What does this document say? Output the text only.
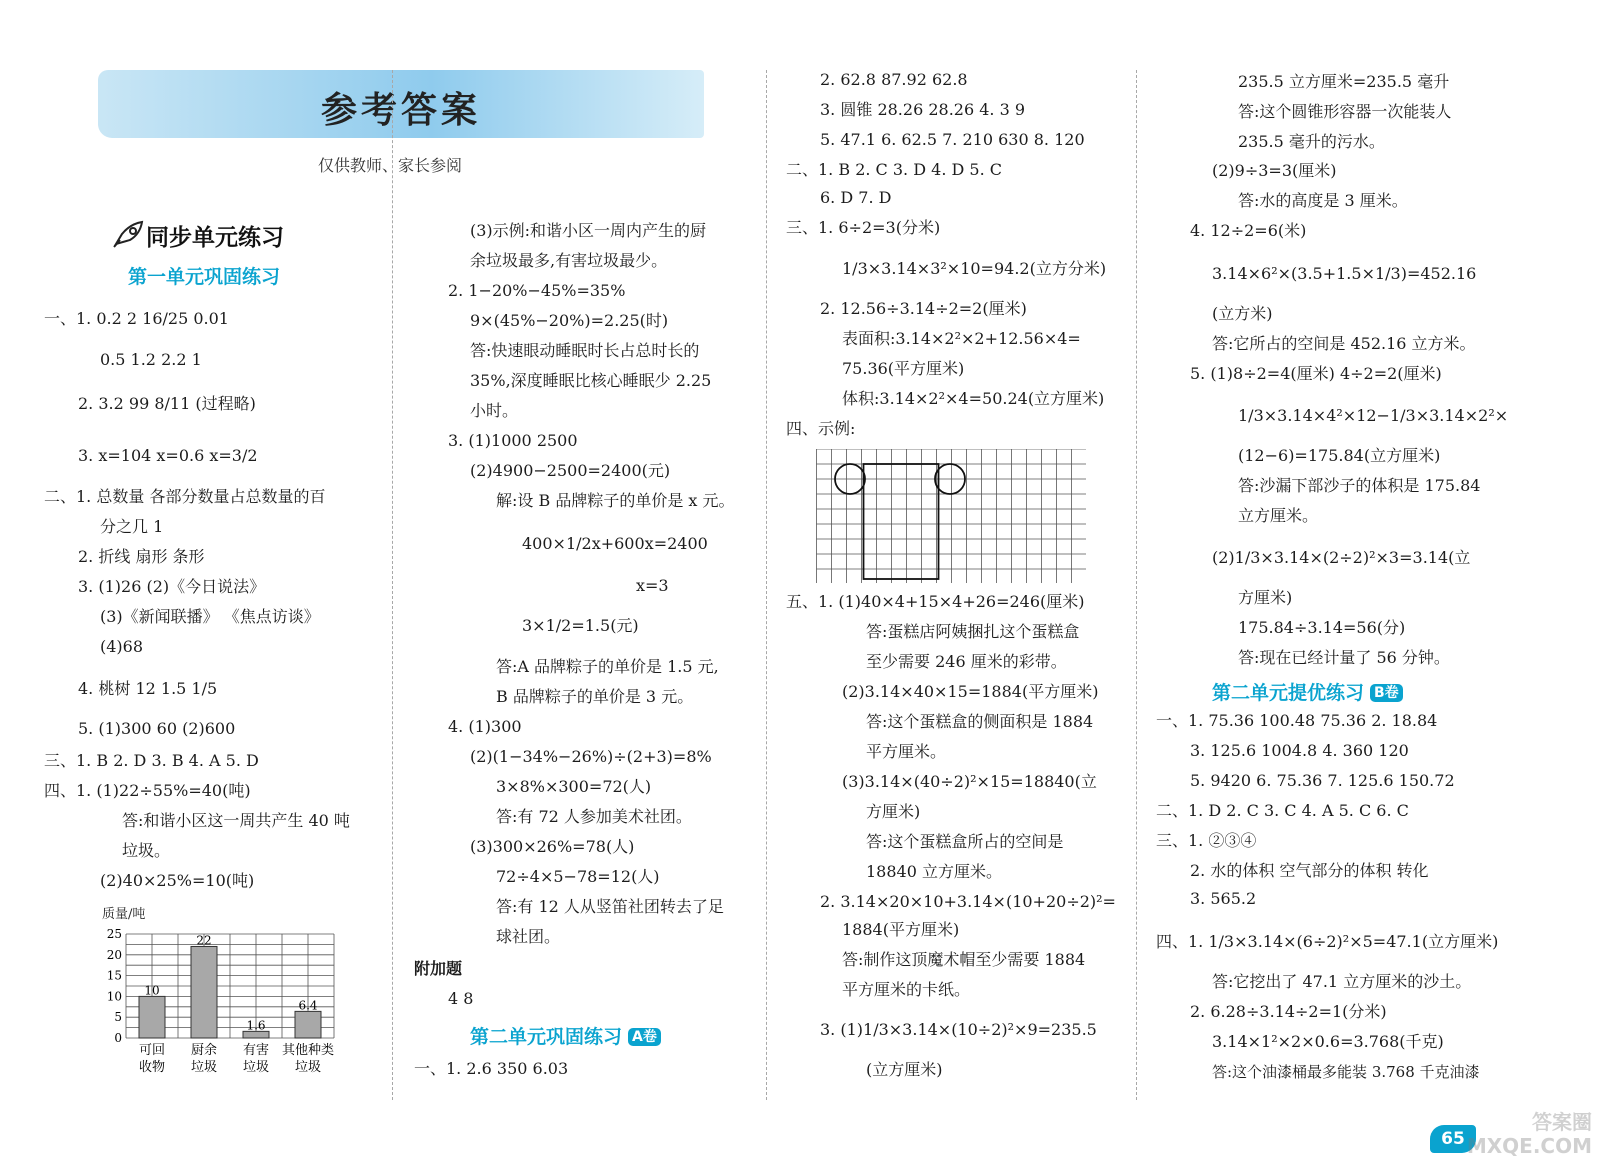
参考答案
仅供教师、家长参阅
同步单元练习
第一单元巩固练习
一、1. 0.2 2 16/25 0.01
0.5 1.2 2.2 1
2. 3.2 99 8/11 (过程略)
3. x=104 x=0.6 x=3/2
二、1. 总数量 各部分数量占总数量的百
分之几 1
2. 折线 扇形 条形
3. (1)26 (2)《今日说法》
(3)《新闻联播》 《焦点访谈》
(4)68
4. 桃树 12 1.5 1/5
5. (1)300 60 (2)600
三、1. B 2. D 3. B 4. A 5. D
四、1. (1)22÷55%=40(吨)
答:和谐小区这一周共产生 40 吨
垃圾。
(2)40×25%=10(吨)
质量/吨
0
5
10
15
20
25
10
可回
收物
22
厨余
垃圾
1.6
有害
垃圾
6.4
其他种类
垃圾
(3)示例:和谐小区一周内产生的厨
余垃圾最多,有害垃圾最少。
2. 1−20%−45%=35%
9×(45%−20%)=2.25(时)
答:快速眼动睡眠时长占总时长的
35%,深度睡眠比核心睡眠少 2.25
小时。
3. (1)1000 2500
(2)4900−2500=2400(元)
解:设 B 品牌粽子的单价是 x 元。
400×1/2x+600x=2400
x=3
3×1/2=1.5(元)
答:A 品牌粽子的单价是 1.5 元,
B 品牌粽子的单价是 3 元。
4. (1)300
(2)(1−34%−26%)÷(2+3)=8%
3×8%×300=72(人)
答:有 72 人参加美术社团。
(3)300×26%=78(人)
72÷4×5−78=12(人)
答:有 12 人从竖笛社团转去了足
球社团。
附加题
4 8
第二单元巩固练习 A卷
一、1. 2.6 350 6.03
2. 62.8 87.92 62.8
3. 圆锥 28.26 28.26 4. 3 9
5. 47.1 6. 62.5 7. 210 630 8. 120
二、1. B 2. C 3. D 4. D 5. C
6. D 7. D
三、1. 6÷2=3(分米)
1/3×3.14×3²×10=94.2(立方分米)
2. 12.56÷3.14÷2=2(厘米)
表面积:3.14×2²×2+12.56×4=
75.36(平方厘米)
体积:3.14×2²×4=50.24(立方厘米)
四、示例:
五、1. (1)40×4+15×4+26=246(厘米)
答:蛋糕店阿姨捆扎这个蛋糕盒
至少需要 246 厘米的彩带。
(2)3.14×40×15=1884(平方厘米)
答:这个蛋糕盒的侧面积是 1884
平方厘米。
(3)3.14×(40÷2)²×15=18840(立
方厘米)
答:这个蛋糕盒所占的空间是
18840 立方厘米。
2. 3.14×20×10+3.14×(10+20÷2)²=
1884(平方厘米)
答:制作这顶魔术帽至少需要 1884
平方厘米的卡纸。
3. (1)1/3×3.14×(10÷2)²×9=235.5
(立方厘米)
235.5 立方厘米=235.5 毫升
答:这个圆锥形容器一次能装人
235.5 毫升的污水。
(2)9÷3=3(厘米)
答:水的高度是 3 厘米。
4. 12÷2=6(米)
3.14×6²×(3.5+1.5×1/3)=452.16
(立方米)
答:它所占的空间是 452.16 立方米。
5. (1)8÷2=4(厘米) 4÷2=2(厘米)
1/3×3.14×4²×12−1/3×3.14×2²×
(12−6)=175.84(立方厘米)
答:沙漏下部沙子的体积是 175.84
立方厘米。
(2)1/3×3.14×(2÷2)²×3=3.14(立
方厘米)
175.84÷3.14=56(分)
答:现在已经计量了 56 分钟。
第二单元提优练习 B卷
一、1. 75.36 100.48 75.36 2. 18.84
3. 125.6 1004.8 4. 360 120
5. 9420 6. 75.36 7. 125.6 150.72
二、1. D 2. C 3. C 4. A 5. C 6. C
三、1. ②③④
2. 水的体积 空气部分的体积 转化
3. 565.2
四、1. 1/3×3.14×(6÷2)²×5=47.1(立方厘米)
答:它挖出了 47.1 立方厘米的沙土。
2. 6.28÷3.14÷2=1(分米)
3.14×1²×2×0.6=3.768(千克)
答:这个油漆桶最多能装 3.768 千克油漆
65
答案圈
MXQE.COM
